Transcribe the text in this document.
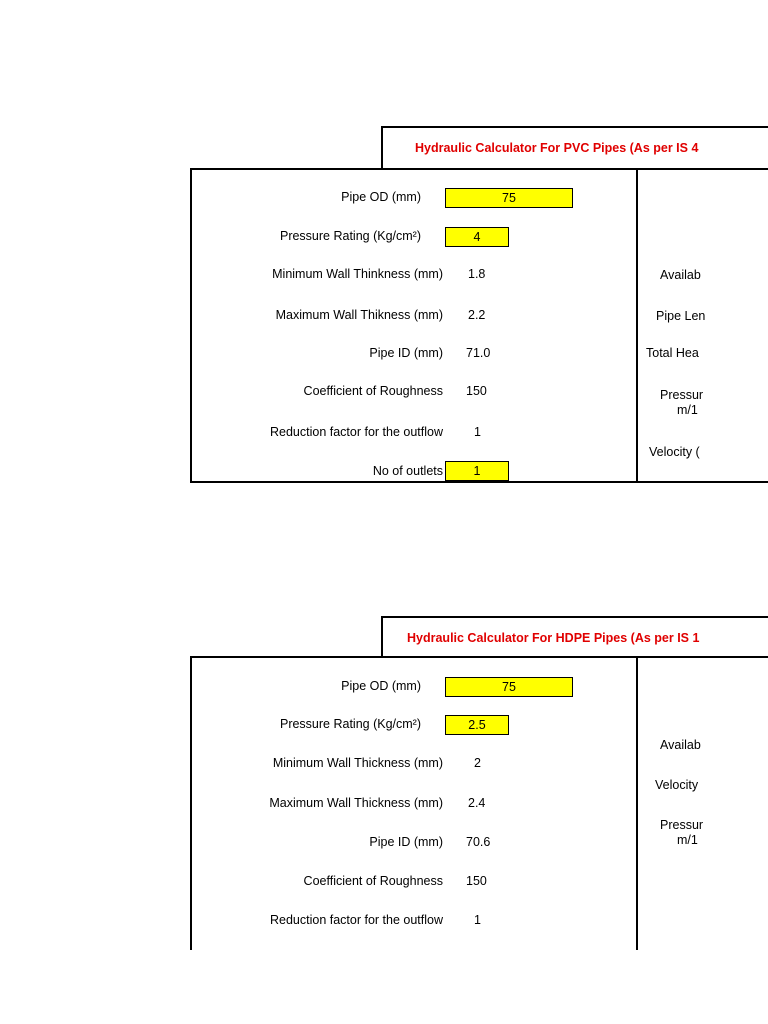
Hydraulic Calculator For PVC Pipes (As per IS 4
Pipe OD (mm)	75
Pressure Rating (Kg/cm²)	4
Minimum Wall Thinkness (mm) 1.8
Maximum Wall Thikness (mm) 2.2
Pipe ID (mm) 71.0
Coefficient of Roughness 150
Reduction factor for the outflow 1
No of outlets	1
Availab
Pipe Len
Total Hea
Pressur
m/1
Velocity (
Hydraulic Calculator For HDPE Pipes (As per IS 1
Pipe OD (mm)	75
Pressure Rating (Kg/cm²)	2.5
Minimum Wall Thickness (mm) 2
Maximum Wall Thickness (mm) 2.4
Pipe ID (mm) 70.6
Coefficient of Roughness 150
Reduction factor for the outflow 1
Availab
Velocity
Pressur
m/1
